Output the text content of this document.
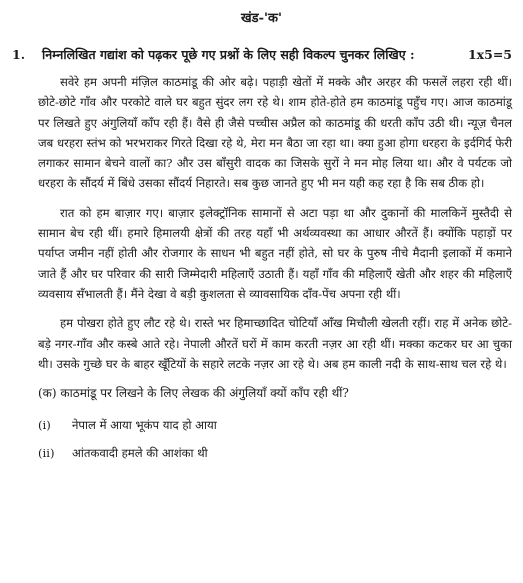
खंड-'क'
1.	निम्नलिखित गद्यांश को पढ़कर पूछे गए प्रश्नों के लिए सही विकल्प चुनकर लिखिए :	1x5=5

सवेरे हम अपनी मंज़िल काठमांडू की ओर बढ़े। पहाड़ी खेतों में मक्के और अरहर की फसलें लहरा रही थीं। छोटे-छोटे गाँव और परकोटे वाले घर बहुत सुंदर लग रहे थे। शाम होते-होते हम काठमांडू पहुँच गए। आज काठमांडू पर लिखते हुए अंगुलियाँ काँप रही हैं। वैसे ही जैसे पच्चीस अप्रैल को काठमांडू की धरती काँप उठी थी। न्यूज़ चैनल जब धरहरा स्तंभ को भरभराकर गिरते दिखा रहे थे, मेरा मन बैठा जा रहा था। क्या हुआ होगा धरहरा के इर्दगिर्द फेरी लगाकर सामान बेचने वालों का? और उस बाँसुरी वादक का जिसके सुरों ने मन मोह लिया था। और वे पर्यटक जो धरहरा के सौंदर्य में बिंधे उसका सौंदर्य निहारते। सब कुछ जानते हुए भी मन यही कह रहा है कि सब ठीक हो।

रात को हम बाज़ार गए। बाज़ार इलेक्ट्रॉनिक सामानों से अटा पड़ा था और दुकानों की मालकिनें मुस्तैदी से सामान बेच रही थीं। हमारे हिमालयी क्षेत्रों की तरह यहाँ भी अर्थव्यवस्था का आधार औरतें हैं। क्योंकि पहाड़ों पर पर्याप्त जमीन नहीं होती और रोजगार के साधन भी बहुत नहीं होते, सो घर के पुरुष नीचे मैदानी इलाकों में कमाने जाते हैं और घर परिवार की सारी जिम्मेदारी महिलाएँ उठाती हैं। यहाँ गाँव की महिलाएँ खेती और शहर की महिलाएँ व्यवसाय सँभालती हैं। मैंने देखा वे बड़ी कुशलता से व्यावसायिक दाँव-पेंच अपना रही थीं।

हम पोखरा होते हुए लौट रहे थे। रास्ते भर हिमाच्छादित चोटियाँ आँख मिचौली खेलती रहीं। राह में अनेक छोटे-बड़े नगर-गाँव और कस्बे आते रहे। नेपाली औरतें घरों में काम करती नज़र आ रही थीं। मक्का कटकर घर आ चुका थी। उसके गुच्छे घर के बाहर खूँटियों के सहारे लटके नज़र आ रहे थे। अब हम काली नदी के साथ-साथ चल रहे थे।

(क) काठमांडू पर लिखने के लिए लेखक की अंगुलियाँ क्यों काँप रही थीं?

(i)	नेपाल में आया भूकंप याद हो आया
(ii)	आंतकवादी हमले की आशंका थी
